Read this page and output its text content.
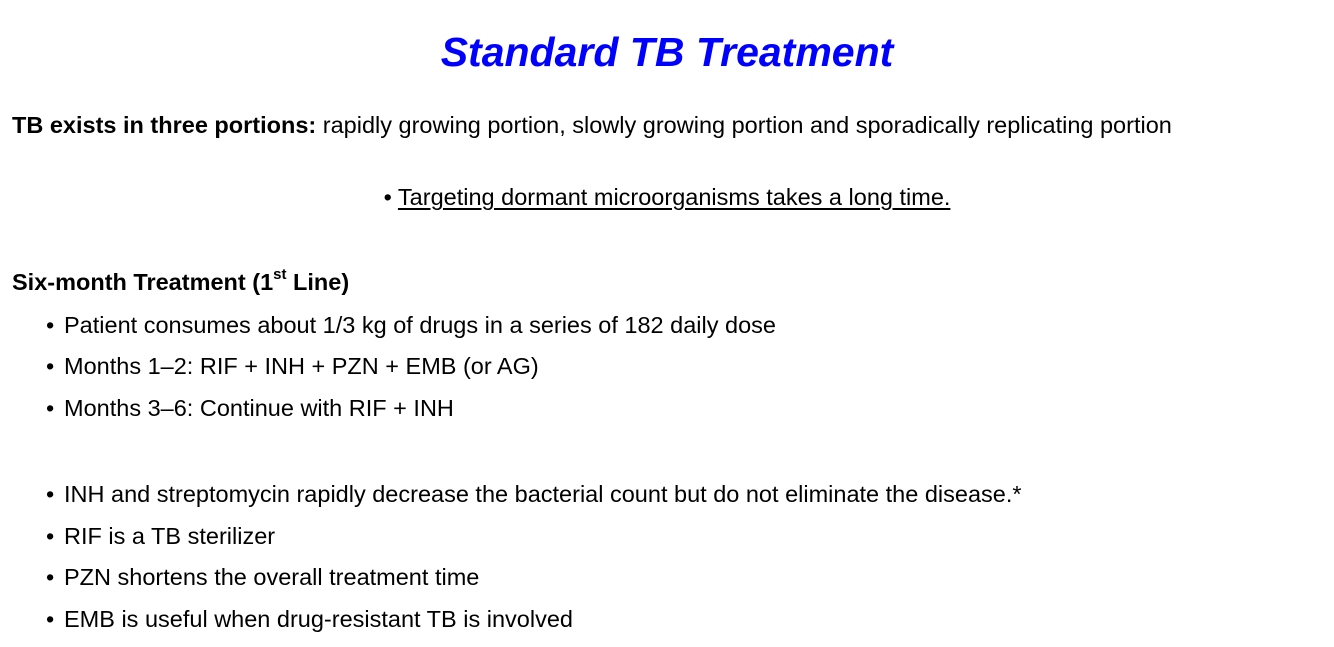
Standard TB Treatment
TB exists in three portions: rapidly growing portion, slowly growing portion and sporadically replicating portion
• Targeting dormant microorganisms takes a long time.
Six-month Treatment (1st Line)
• Patient consumes about 1/3 kg of drugs in a series of 182 daily dose
• Months 1–2: RIF + INH + PZN + EMB (or AG)
• Months 3–6: Continue with RIF + INH
• INH and streptomycin rapidly decrease the bacterial count but do not eliminate the disease.*
• RIF is a TB sterilizer
• PZN shortens the overall treatment time
• EMB is useful when drug-resistant TB is involved
